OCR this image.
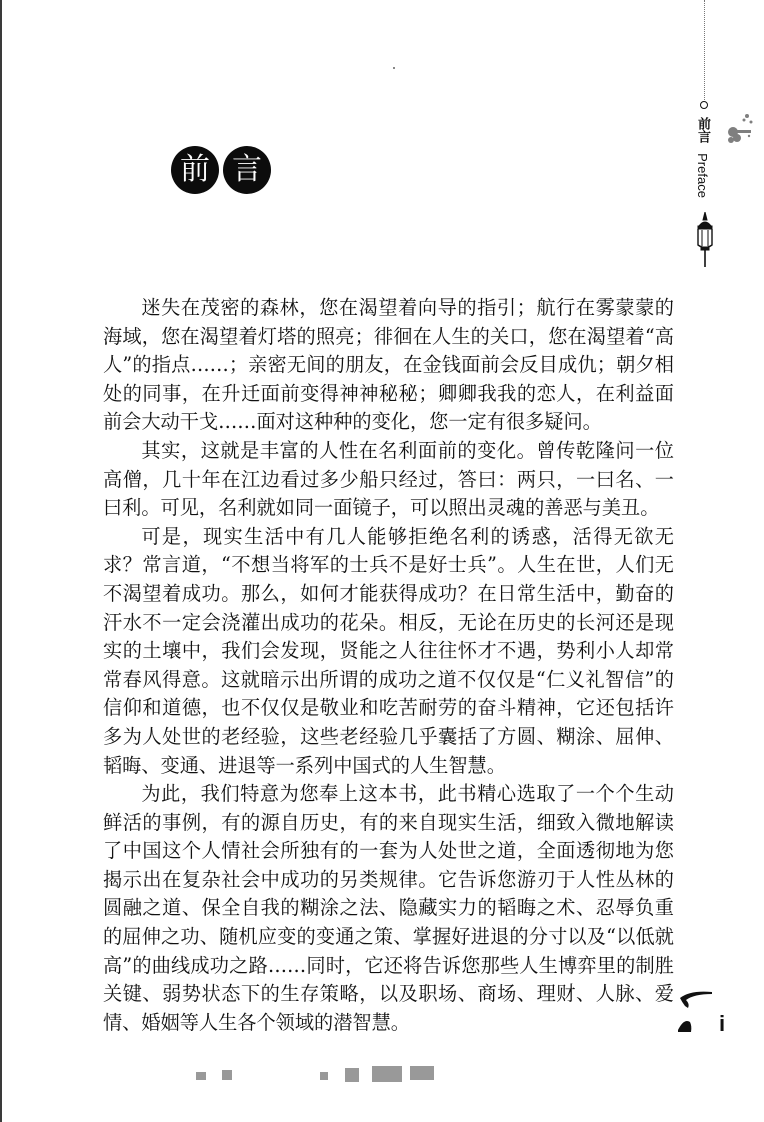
前 言
前言 Preface

迷失在茂密的森林，您在渴望着向导的指引；航行在雾蒙蒙的海域，您在渴望着灯塔的照亮；徘徊在人生的关口，您在渴望着“高人”的指点……；亲密无间的朋友，在金钱面前会反目成仇；朝夕相处的同事，在升迁面前变得神神秘秘；卿卿我我的恋人，在利益面前会大动干戈……面对这种种的变化，您一定有很多疑问。

其实，这就是丰富的人性在名利面前的变化。曾传乾隆问一位高僧，几十年在江边看过多少船只经过，答曰：两只，一曰名、一曰利。可见，名利就如同一面镜子，可以照出灵魂的善恶与美丑。

可是，现实生活中有几人能够拒绝名利的诱惑，活得无欲无求？常言道，“不想当将军的士兵不是好士兵”。人生在世，人们无不渴望着成功。那么，如何才能获得成功？在日常生活中，勤奋的汗水不一定会浇灌出成功的花朵。相反，无论在历史的长河还是现实的土壤中，我们会发现，贤能之人往往怀才不遇，势利小人却常常春风得意。这就暗示出所谓的成功之道不仅仅是“仁义礼智信”的信仰和道德，也不仅仅是敬业和吃苦耐劳的奋斗精神，它还包括许多为人处世的老经验，这些老经验几乎囊括了方圆、糊涂、屈伸、韬晦、变通、进退等一系列中国式的人生智慧。

为此，我们特意为您奉上这本书，此书精心选取了一个个生动鲜活的事例，有的源自历史，有的来自现实生活，细致入微地解读了中国这个人情社会所独有的一套为人处世之道，全面透彻地为您揭示出在复杂社会中成功的另类规律。它告诉您游刃于人性丛林的圆融之道、保全自我的糊涂之法、隐藏实力的韬晦之术、忍辱负重的屈伸之功、随机应变的变通之策、掌握好进退的分寸以及“以低就高”的曲线成功之路……同时，它还将告诉您那些人生博弈里的制胜关键、弱势状态下的生存策略，以及职场、商场、理财、人脉、爱情、婚姻等人生各个领域的潜智慧。	i
